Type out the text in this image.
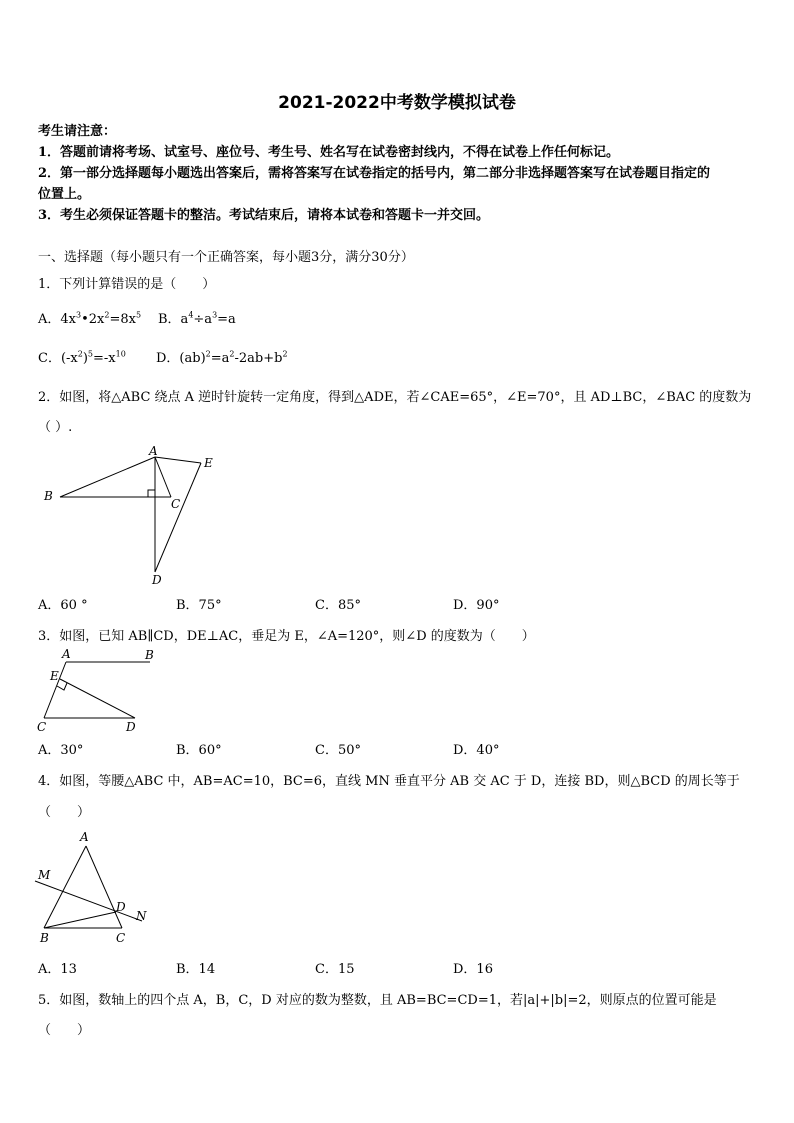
2021-2022中考数学模拟试卷
考生请注意：
1．答题前请将考场、试室号、座位号、考生号、姓名写在试卷密封线内，不得在试卷上作任何标记。
2．第一部分选择题每小题选出答案后，需将答案写在试卷指定的括号内，第二部分非选择题答案写在试卷题目指定的
位置上。
3．考生必须保证答题卡的整洁。考试结束后，请将本试卷和答题卡一并交回。
一、选择题（每小题只有一个正确答案，每小题3分，满分30分）
1．下列计算错误的是（　　）
A．$4x^3•2x^2=8x^5$ B．$a^4\div a^3=a$
C．$(-x^2)^5=-x^{10}$ D．$(ab)^2=a^2-2ab+b^2$
2．如图，将△ABC 绕点 A 逆时针旋转一定角度，得到△ADE，若∠CAE=65°，∠E=70°，且 AD⊥BC，∠BAC 的度数为
（ ）.
A
B
C
D
E
A．60 °	B．75°	C．85°	D．90°
3．如图，已知 AB∥CD，DE⊥AC，垂足为 E，∠A=120°，则∠D 的度数为（　　）
A	B
E
C	D
A．30°	B．60°	C．50°	D．40°
4．如图，等腰△ABC 中，AB=AC=10，BC=6，直线 MN 垂直平分 AB 交 AC 于 D，连接 BD，则△BCD 的周长等于
（　　）
A
M
D
N
B	C
A．13	B．14	C．15	D．16
5．如图，数轴上的四个点 A，B，C，D 对应的数为整数，且 AB=BC=CD=1，若|a|+|b|=2，则原点的位置可能是
（　　）
